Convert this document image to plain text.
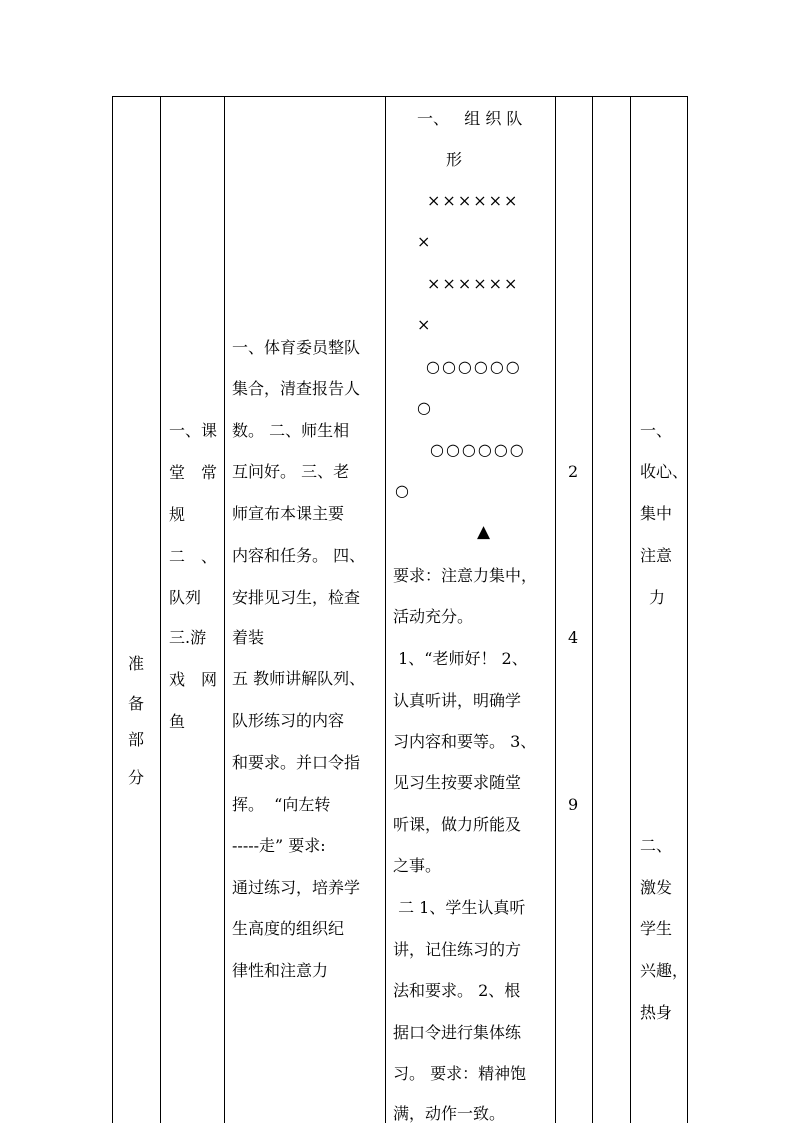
准
备
部
分
一、课
堂 常
规
二 、
队列
三.游
戏 网
鱼
一、体育委员整队
集合，清查报告人
数。 二、师生相
互问好。 三、老
师宣布本课主要
内容和任务。 四、
安排见习生，检查
着装
五 教师讲解队列、
队形练习的内容
和要求。并口令指
挥。  “向左转
-----走” 要求:
通过练习，培养学
生高度的组织纪
律性和注意力
一、   组 织 队
形
××××××
×
××××××
×
○○○○○○
○
○○○○○○
○
▲
要求：注意力集中，
活动充分。
1、“老师好！ 2、
认真听讲，明确学
习内容和要等。 3、
见习生按要求随堂
听课，做力所能及
之事。
二 1、学生认真听
讲，记住练习的方
法和要求。 2、根
据口令进行集体练
习。 要求：精神饱
满，动作一致。
2
4
9
一、
收心、
集中
注意
力
二、
激发
学生
兴趣，
热身
